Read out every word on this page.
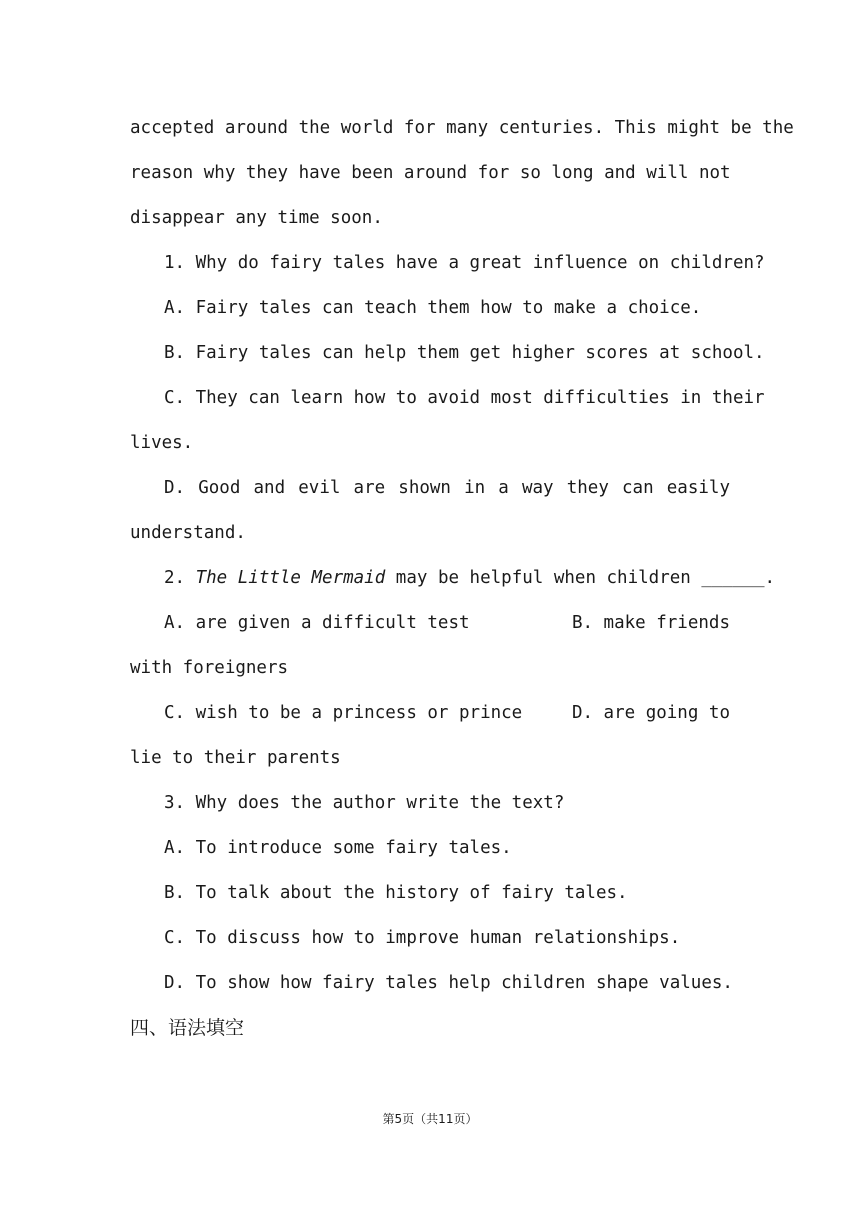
accepted around the world for many centuries. This might be the
reason why they have been around for so long and will not
disappear any time soon.
1. Why do fairy tales have a great influence on children?
A. Fairy tales can teach them how to make a choice.
B. Fairy tales can help them get higher scores at school.
C. They can learn how to avoid most difficulties in their
lives.
D. Good and evil are shown in a way they can easily
understand.
2. The Little Mermaid may be helpful when children ______.
A. are given a difficult test	B. make friends
with foreigners
C. wish to be a princess or prince	D. are going to
lie to their parents
3. Why does the author write the text?
A. To introduce some fairy tales.
B. To talk about the history of fairy tales.
C. To discuss how to improve human relationships.
D. To show how fairy tales help children shape values.
四、语法填空
第5页（共11页）
